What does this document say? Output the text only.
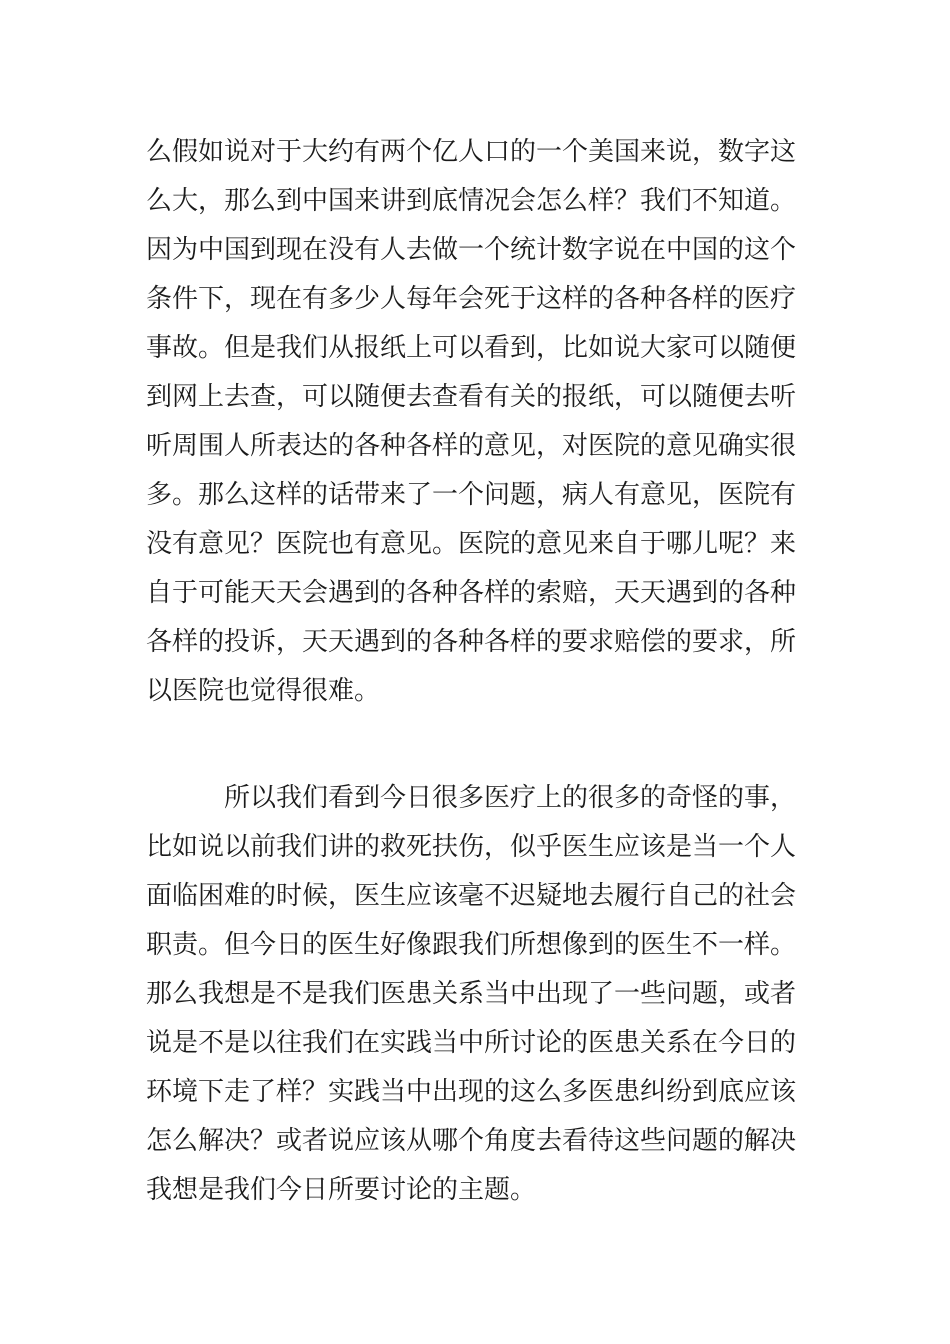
么假如说对于大约有两个亿人口的一个美国来说，数字这
么大，那么到中国来讲到底情况会怎么样？我们不知道。
因为中国到现在没有人去做一个统计数字说在中国的这个
条件下，现在有多少人每年会死于这样的各种各样的医疗
事故。但是我们从报纸上可以看到，比如说大家可以随便
到网上去查，可以随便去查看有关的报纸，可以随便去听
听周围人所表达的各种各样的意见，对医院的意见确实很
多。那么这样的话带来了一个问题，病人有意见，医院有
没有意见？医院也有意见。医院的意见来自于哪儿呢？来
自于可能天天会遇到的各种各样的索赔，天天遇到的各种
各样的投诉，天天遇到的各种各样的要求赔偿的要求，所
以医院也觉得很难。
所以我们看到今日很多医疗上的很多的奇怪的事，
比如说以前我们讲的救死扶伤，似乎医生应该是当一个人
面临困难的时候，医生应该毫不迟疑地去履行自己的社会
职责。但今日的医生好像跟我们所想像到的医生不一样。
那么我想是不是我们医患关系当中出现了一些问题，或者
说是不是以往我们在实践当中所讨论的医患关系在今日的
环境下走了样？实践当中出现的这么多医患纠纷到底应该
怎么解决？或者说应该从哪个角度去看待这些问题的解决
我想是我们今日所要讨论的主题。
